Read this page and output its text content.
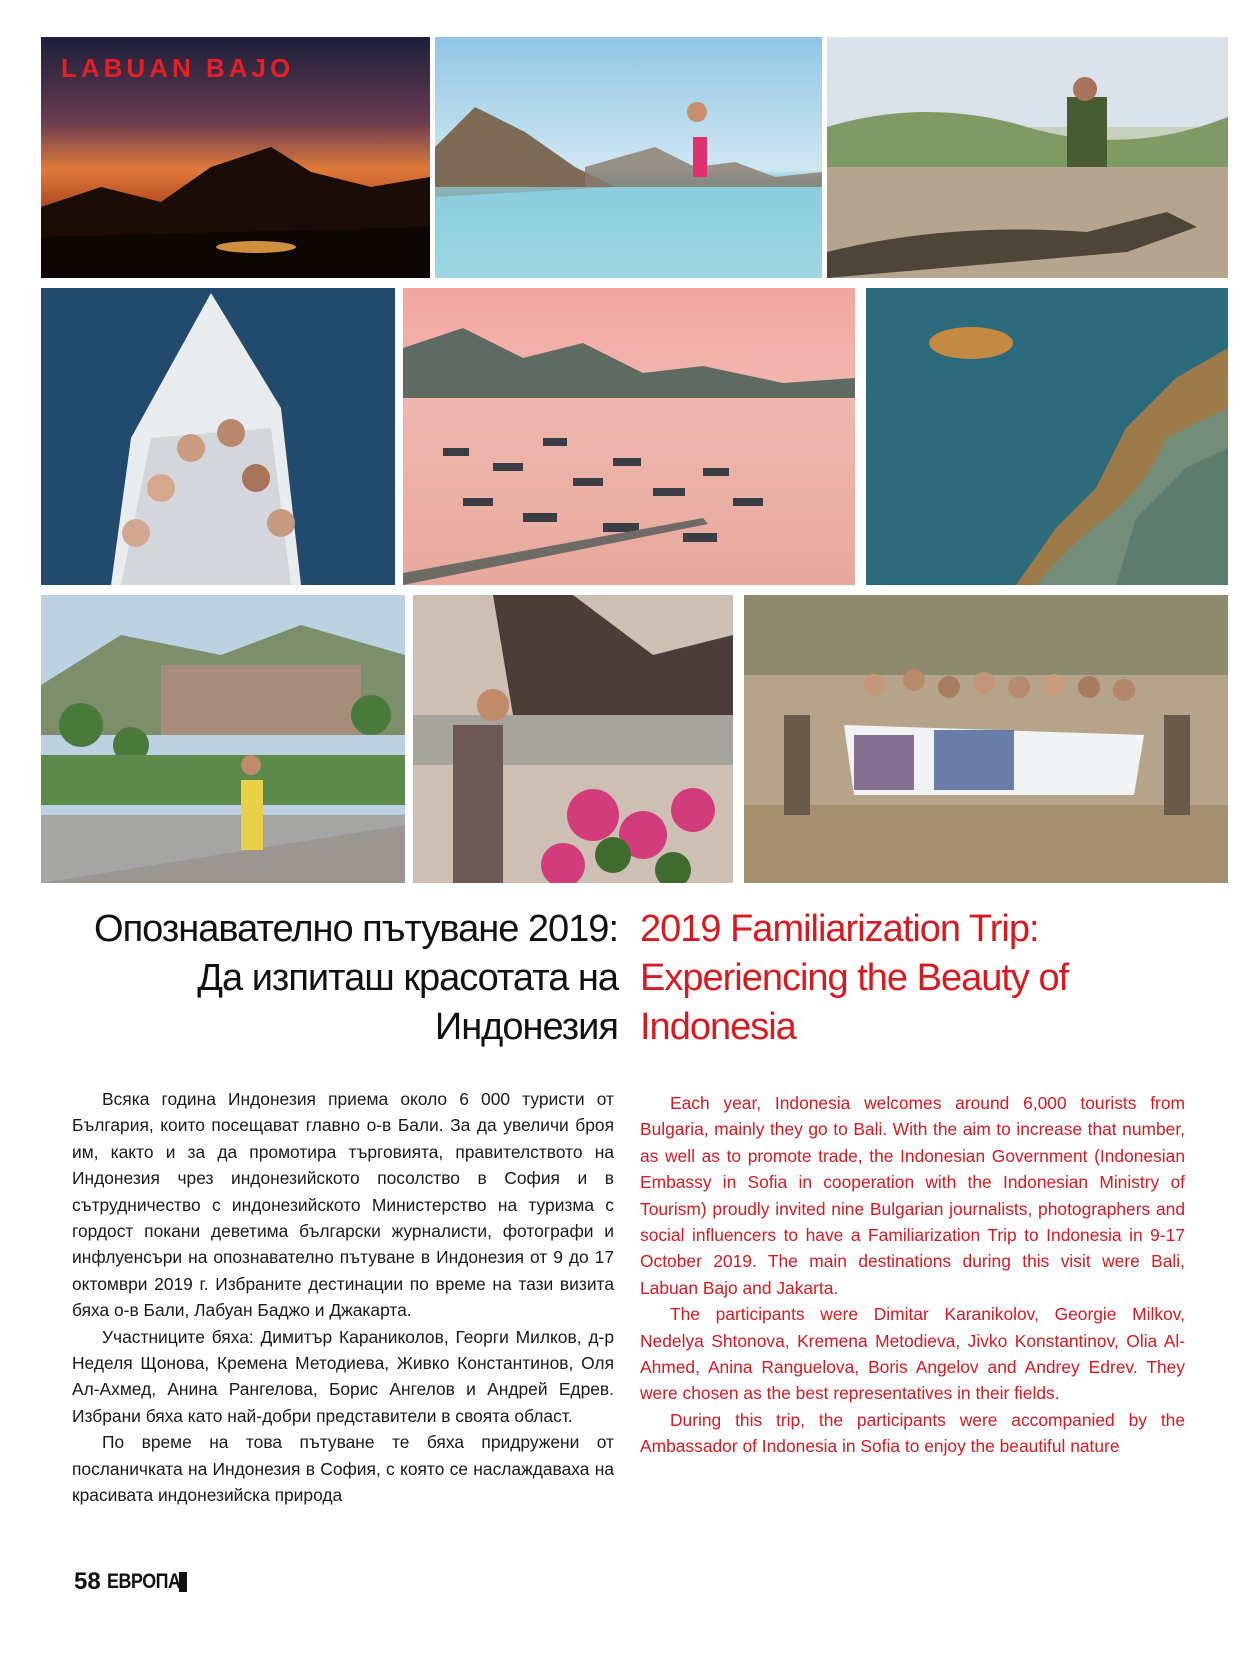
LABUAN BAJO
Опознавателно пътуване 2019: Да изпиташ красотата на Индонезия
2019 Familiarization Trip: Experiencing the Beauty of Indonesia

Всяка година Индонезия приема около 6 000 туристи от България, които посещават главно о-в Бали. За да увеличи броя им, както и за да промотира търговията, правителството на Индонезия чрез индонезийското посолство в София и в сътрудничество с индонезийското Министерство на туризма с гордост покани деветима български журналисти, фотографи и инфлуенсъри на опознавателно пътуване в Индонезия от 9 до 17 октомври 2019 г. Избраните дестинации по време на тази визита бяха о-в Бали, Лабуан Баджо и Джакарта.

Участниците бяха: Димитър Караниколов, Георги Милков, д-р Неделя Щонова, Кремена Методиева, Живко Константинов, Оля Ал-Ахмед, Анина Рангелова, Борис Ангелов и Андрей Едрев. Избрани бяха като най-добри представители в своята област.

По време на това пътуване те бяха придружени от посланичката на Индонезия в София, с която се наслаждаваха на красивата индонезийска природа

Each year, Indonesia welcomes around 6,000 tourists from Bulgaria, mainly they go to Bali. With the aim to increase that number, as well as to promote trade, the Indonesian Government (Indonesian Embassy in Sofia in cooperation with the Indonesian Ministry of Tourism) proudly invited nine Bulgarian journalists, photographers and social influencers to have a Familiarization Trip to Indonesia in 9-17 October 2019. The main destinations during this visit were Bali, Labuan Bajo and Jakarta.

The participants were Dimitar Karanikolov, Georgie Milkov, Nedelya Shtonova, Kremena Metodieva, Jivko Konstantinov, Olia Al-Ahmed, Anina Ranguelova, Boris Angelov and Andrey Edrev. They were chosen as the best representatives in their fields.

During this trip, the participants were accompanied by the Ambassador of Indonesia in Sofia to enjoy the beautiful nature

58 ЕВРОПА
